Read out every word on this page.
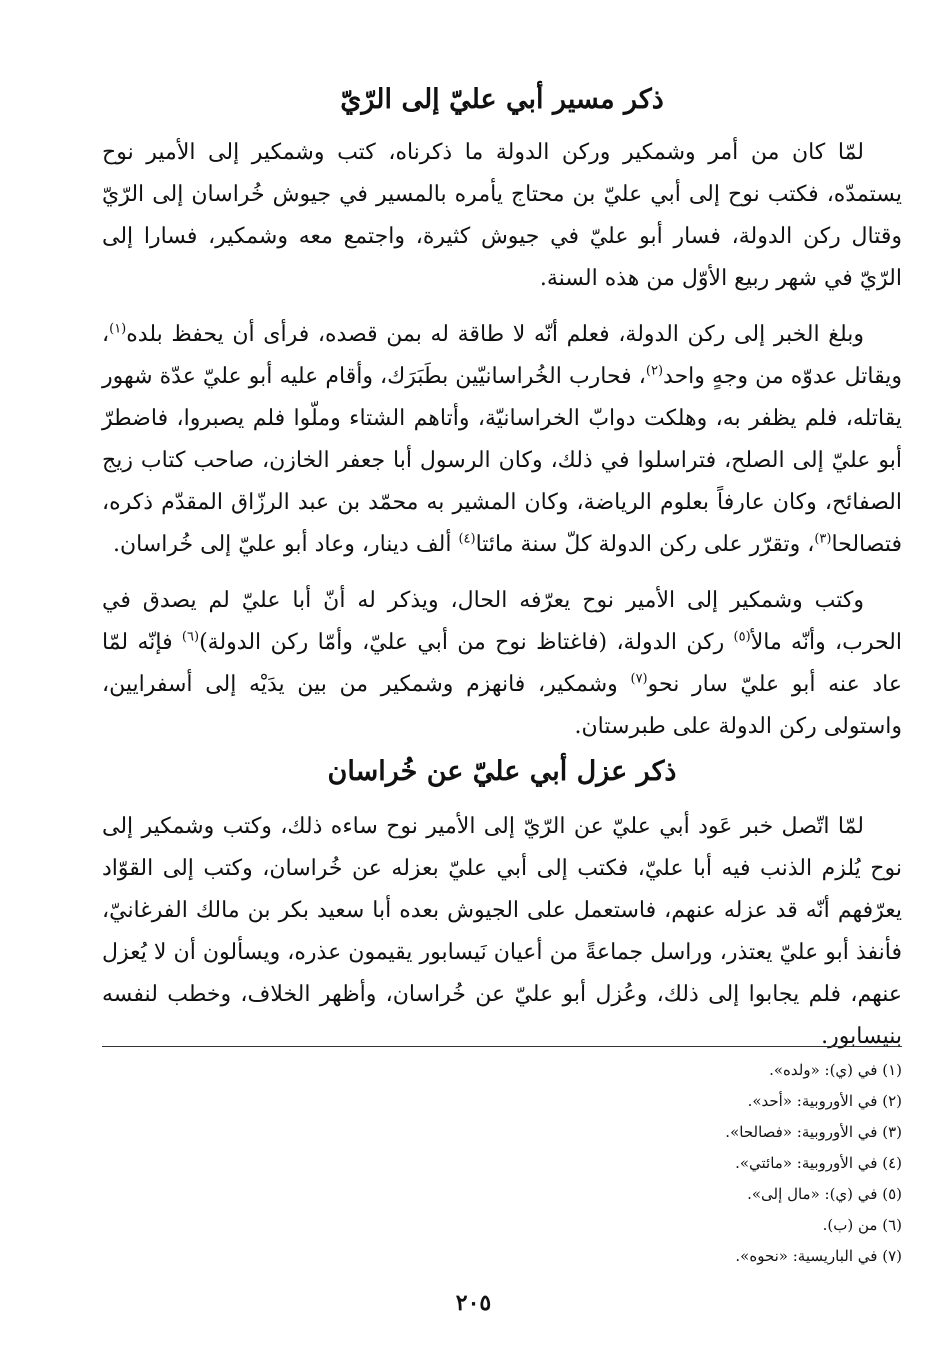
ذكر مسير أبي عليّ إلى الرّيّ

لمّا كان من أمر وشمكير وركن الدولة ما ذكرناه، كتب وشمكير إلى الأمير نوح يستمدّه، فكتب نوح إلى أبي عليّ بن محتاج يأمره بالمسير في جيوش خُراسان إلى الرّيّ وقتال ركن الدولة، فسار أبو عليّ في جيوش كثيرة، واجتمع معه وشمكير، فسارا إلى الرّيّ في شهر ربيع الأوّل من هذه السنة.

وبلغ الخبر إلى ركن الدولة، فعلم أنّه لا طاقة له بمن قصده، فرأى أن يحفظ بلده$^{(١)}$، ويقاتل عدوّه من وجهٍ واحد$^{(٢)}$، فحارب الخُراسانيّين بطَبَرَك، وأقام عليه أبو عليّ عدّة شهور يقاتله، فلم يظفر به، وهلكت دوابّ الخراسانيّة، وأتاهم الشتاء وملّوا فلم يصبروا، فاضطرّ أبو عليّ إلى الصلح، فتراسلوا في ذلك، وكان الرسول أبا جعفر الخازن، صاحب كتاب زيج الصفائح، وكان عارفاً بعلوم الرياضة، وكان المشير به محمّد بن عبد الرزّاق المقدّم ذكره، فتصالحا$^{(٣)}$، وتقرّر على ركن الدولة كلّ سنة مائتا$^{(٤)}$ ألف دينار، وعاد أبو عليّ إلى خُراسان.

وكتب وشمكير إلى الأمير نوح يعرّفه الحال، ويذكر له أنّ أبا عليّ لم يصدق في الحرب، وأنّه مالأ$^{(٥)}$ ركن الدولة، (فاغتاظ نوح من أبي عليّ، وأمّا ركن الدولة)$^{(٦)}$ فإنّه لمّا عاد عنه أبو عليّ سار نحو$^{(٧)}$ وشمكير، فانهزم وشمكير من بين يدَيْه إلى أسفرايين، واستولى ركن الدولة على طبرستان.

ذكر عزل أبي عليّ عن خُراسان

لمّا اتّصل خبر عَود أبي عليّ عن الرّيّ إلى الأمير نوح ساءه ذلك، وكتب وشمكير إلى نوح يُلزم الذنب فيه أبا عليّ، فكتب إلى أبي عليّ بعزله عن خُراسان، وكتب إلى القوّاد يعرّفهم أنّه قد عزله عنهم، فاستعمل على الجيوش بعده أبا سعيد بكر بن مالك الفرغانيّ، فأنفذ أبو عليّ يعتذر، وراسل جماعةً من أعيان نَيسابور يقيمون عذره، ويسألون أن لا يُعزل عنهم، فلم يجابوا إلى ذلك، وعُزل أبو عليّ عن خُراسان، وأظهر الخلاف، وخطب لنفسه بنيسابور.

(١) في (ي): «ولده».

(٢) في الأوروبية: «أحد».

(٣) في الأوروبية: «فصالحا».

(٤) في الأوروبية: «مائتي».

(٥) في (ي): «مال إلى».

(٦) من (ب).

(٧) في الباريسية: «نحوه».

٢٠٥
